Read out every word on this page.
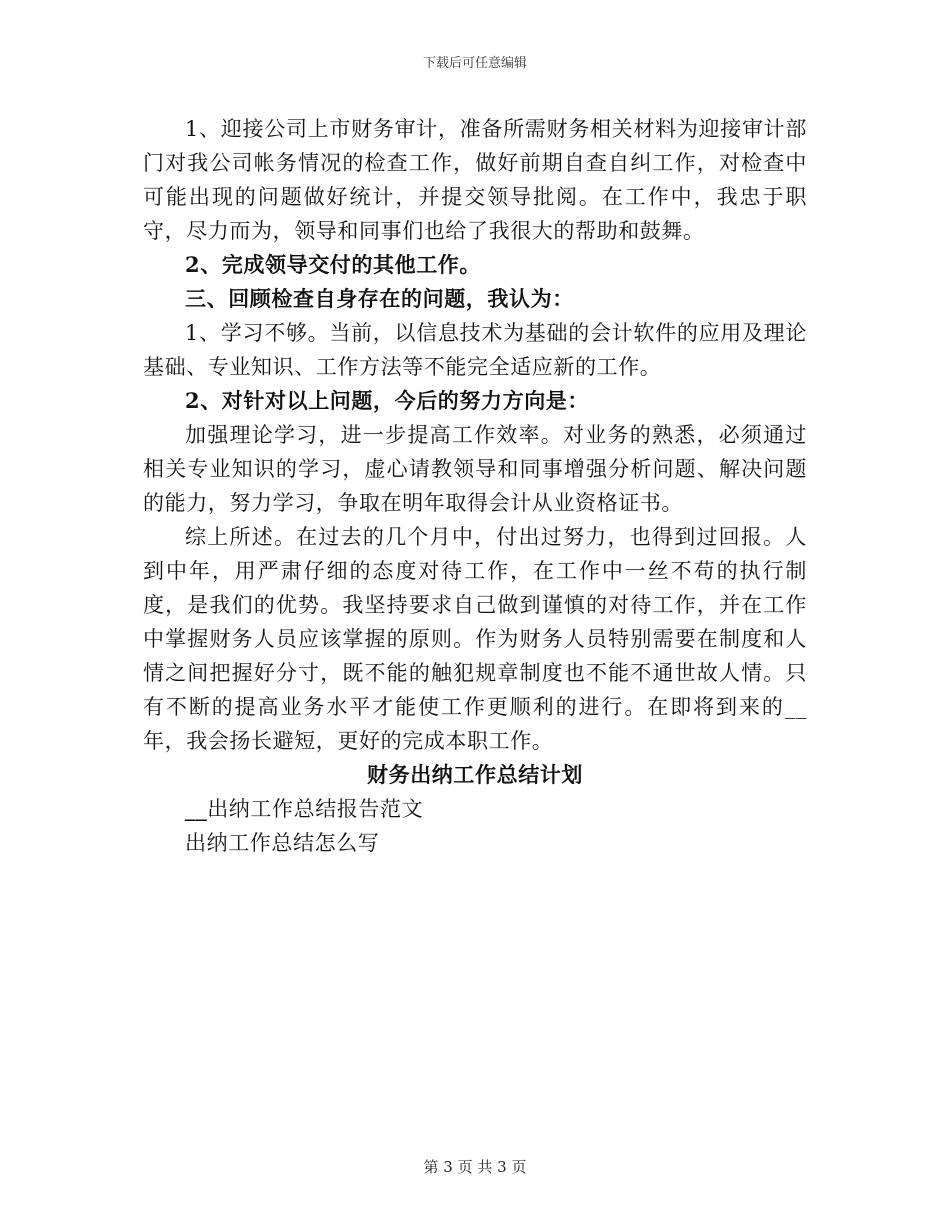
下载后可任意编辑

1、迎接公司上市财务审计，准备所需财务相关材料为迎接审计部门对我公司帐务情况的检查工作，做好前期自查自纠工作，对检查中可能出现的问题做好统计，并提交领导批阅。在工作中，我忠于职守，尽力而为，领导和同事们也给了我很大的帮助和鼓舞。

2、完成领导交付的其他工作。

三、回顾检查自身存在的问题，我认为：

1、学习不够。当前，以信息技术为基础的会计软件的应用及理论基础、专业知识、工作方法等不能完全适应新的工作。

2、对针对以上问题，今后的努力方向是：

加强理论学习，进一步提高工作效率。对业务的熟悉，必须通过相关专业知识的学习，虚心请教领导和同事增强分析问题、解决问题的能力，努力学习，争取在明年取得会计从业资格证书。

综上所述。在过去的几个月中，付出过努力，也得到过回报。人到中年，用严肃仔细的态度对待工作，在工作中一丝不苟的执行制度，是我们的优势。我坚持要求自己做到谨慎的对待工作，并在工作中掌握财务人员应该掌握的原则。作为财务人员特别需要在制度和人情之间把握好分寸，既不能的触犯规章制度也不能不通世故人情。只有不断的提高业务水平才能使工作更顺利的进行。在即将到来的__年，我会扬长避短，更好的完成本职工作。

财务出纳工作总结计划

__出纳工作总结报告范文

出纳工作总结怎么写

第 3 页 共 3 页
